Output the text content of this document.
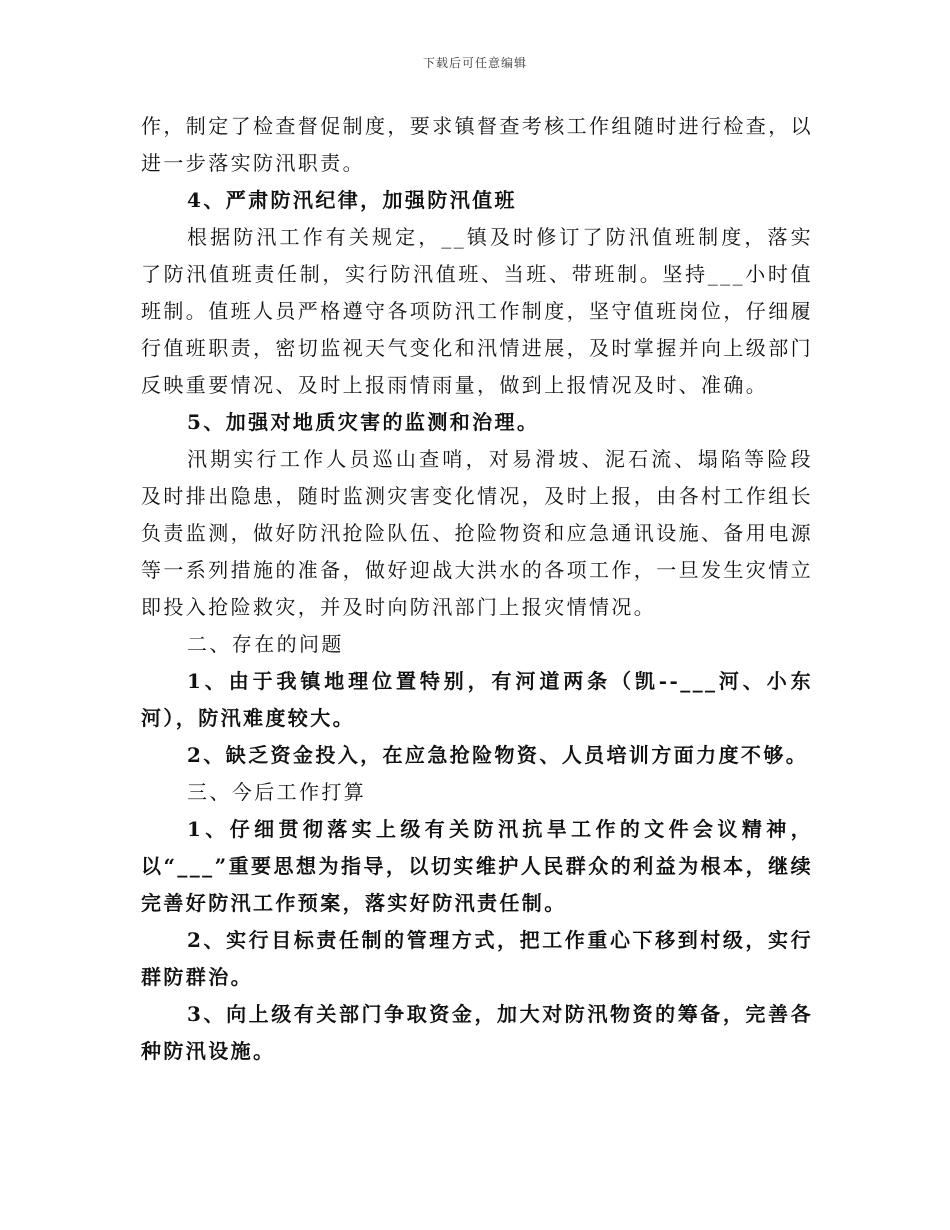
下载后可任意编辑

作，制定了检查督促制度，要求镇督查考核工作组随时进行检查，以进一步落实防汛职责。

4、严肃防汛纪律，加强防汛值班

根据防汛工作有关规定，__镇及时修订了防汛值班制度，落实了防汛值班责任制，实行防汛值班、当班、带班制。坚持___小时值班制。值班人员严格遵守各项防汛工作制度，坚守值班岗位，仔细履行值班职责，密切监视天气变化和汛情进展，及时掌握并向上级部门反映重要情况、及时上报雨情雨量，做到上报情况及时、准确。

5、加强对地质灾害的监测和治理。

汛期实行工作人员巡山查哨，对易滑坡、泥石流、塌陷等险段及时排出隐患，随时监测灾害变化情况，及时上报，由各村工作组长负责监测，做好防汛抢险队伍、抢险物资和应急通讯设施、备用电源等一系列措施的准备，做好迎战大洪水的各项工作，一旦发生灾情立即投入抢险救灾，并及时向防汛部门上报灾情情况。

二、存在的问题

1、由于我镇地理位置特别，有河道两条（凯--___河、小东河），防汛难度较大。

2、缺乏资金投入，在应急抢险物资、人员培训方面力度不够。

三、今后工作打算

1、仔细贯彻落实上级有关防汛抗旱工作的文件会议精神，以“___”重要思想为指导，以切实维护人民群众的利益为根本，继续完善好防汛工作预案，落实好防汛责任制。

2、实行目标责任制的管理方式，把工作重心下移到村级，实行群防群治。

3、向上级有关部门争取资金，加大对防汛物资的筹备，完善各种防汛设施。
